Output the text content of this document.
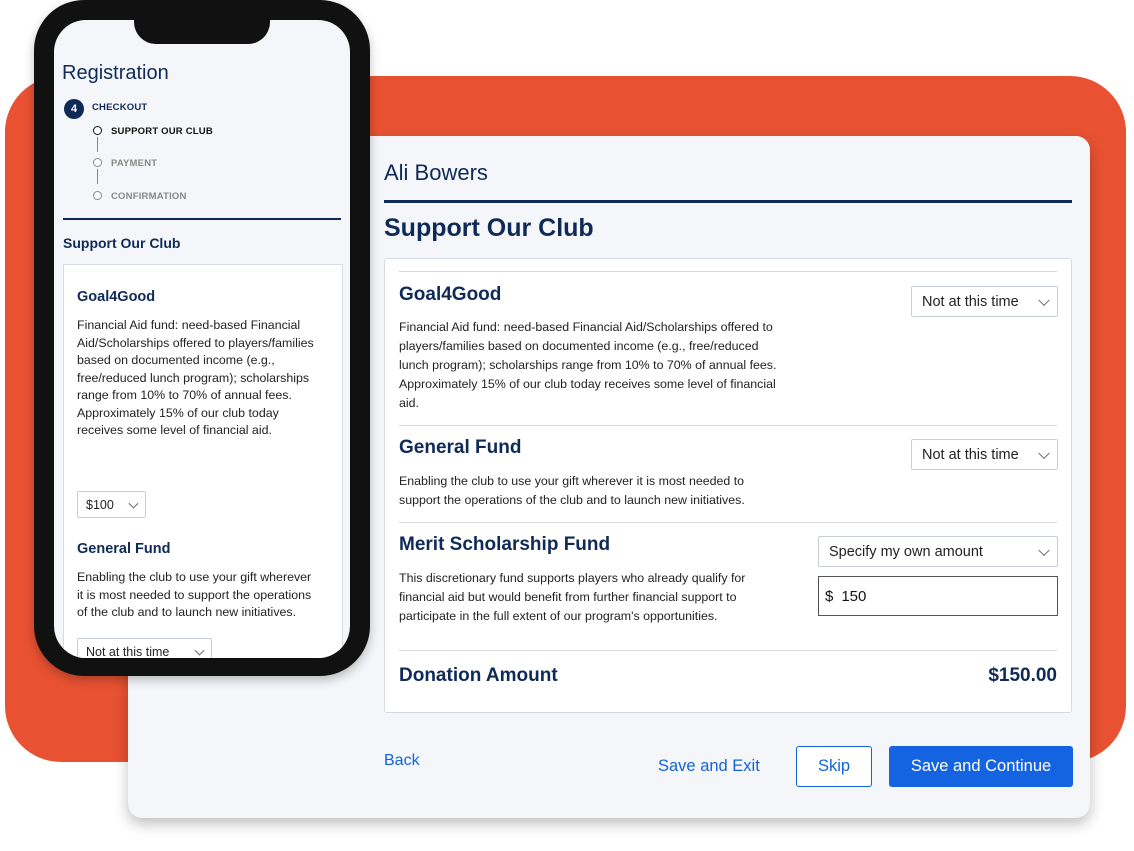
Ali Bowers
Support Our Club
Goal4Good
Financial Aid fund: need-based Financial Aid/Scholarships offered to players/families based on documented income (e.g., free/reduced lunch program); scholarships range from 10% to 70% of annual fees. Approximately 15% of our club today receives some level of financial aid.
Not at this time
General Fund
Enabling the club to use your gift wherever it is most needed to support the operations of the club and to launch new initiatives.
Not at this time
Merit Scholarship Fund
This discretionary fund supports players who already qualify for financial aid but would benefit from further financial support to participate in the full extent of our program's opportunities.
Specify my own amount
$ 150
Donation Amount	$150.00
Back	Save and Exit	Skip	Save and Continue
Registration
4	CHECKOUT
SUPPORT OUR CLUB
PAYMENT
CONFIRMATION
Support Our Club
Goal4Good
Financial Aid fund: need-based Financial Aid/Scholarships offered to players/families based on documented income (e.g., free/reduced lunch program); scholarships range from 10% to 70% of annual fees. Approximately 15% of our club today receives some level of financial aid.
$100
General Fund
Enabling the club to use your gift wherever it is most needed to support the operations of the club and to launch new initiatives.
Not at this time
